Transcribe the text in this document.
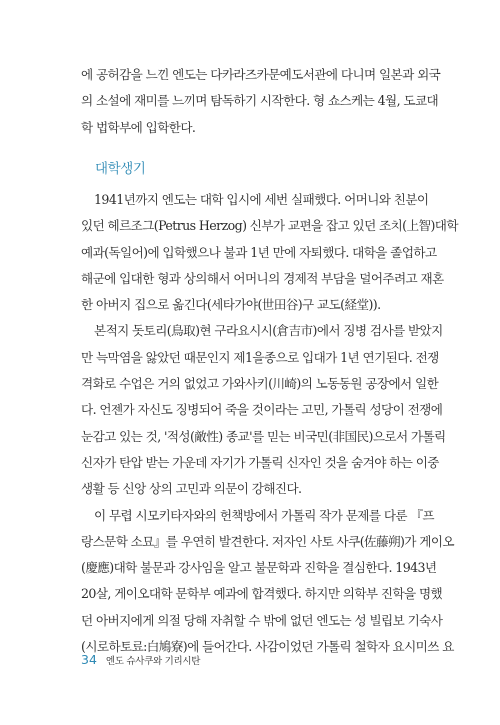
에 공허감을 느낀 엔도는 다카라즈카문예도서관에 다니며 일본과 외국
의 소설에 재미를 느끼며 탐독하기 시작한다. 형 쇼스케는 4월, 도쿄대
학 법학부에 입학한다.
대학생기
1941년까지 엔도는 대학 입시에 세번 실패했다. 어머니와 친분이
있던 헤르조그(Petrus Herzog) 신부가 교편을 잡고 있던 조치(上智)대학
예과(독일어)에 입학했으나 불과 1년 만에 자퇴했다. 대학을 졸업하고
해군에 입대한 형과 상의해서 어머니의 경제적 부담을 덜어주려고 재혼
한 아버지 집으로 옮긴다(세타가야(世田谷)구 교도(経堂)).
본적지 돗토리(鳥取)현 구라요시시(倉吉市)에서 징병 검사를 받았지
만 늑막염을 앓았던 때문인지 제1을종으로 입대가 1년 연기된다. 전쟁
격화로 수업은 거의 없었고 가와사키(川崎)의 노동동원 공장에서 일한
다. 언젠가 자신도 징병되어 죽을 것이라는 고민, 가톨릭 성당이 전쟁에
눈감고 있는 것, '적성(敵性) 종교'를 믿는 비국민(非国民)으로서 가톨릭
신자가 탄압 받는 가운데 자기가 가톨릭 신자인 것을 숨겨야 하는 이중
생활 등 신앙 상의 고민과 의문이 강해진다.
이 무렵 시모키타자와의 헌책방에서 가톨릭 작가 문제를 다룬 『프
랑스문학 소묘』를 우연히 발견한다. 저자인 사토 사쿠(佐藤朔)가 게이오
(慶應)대학 불문과 강사임을 알고 불문학과 진학을 결심한다. 1943년
20살, 게이오대학 문학부 예과에 합격했다. 하지만 의학부 진학을 명했
던 아버지에게 의절 당해 자취할 수 밖에 없던 엔도는 성 빌립보 기숙사
(시로하토료:白鳩寮)에 들어간다. 사감이었던 가톨릭 철학자 요시미쓰 요
34 엔도 슈사쿠와 기리시탄
